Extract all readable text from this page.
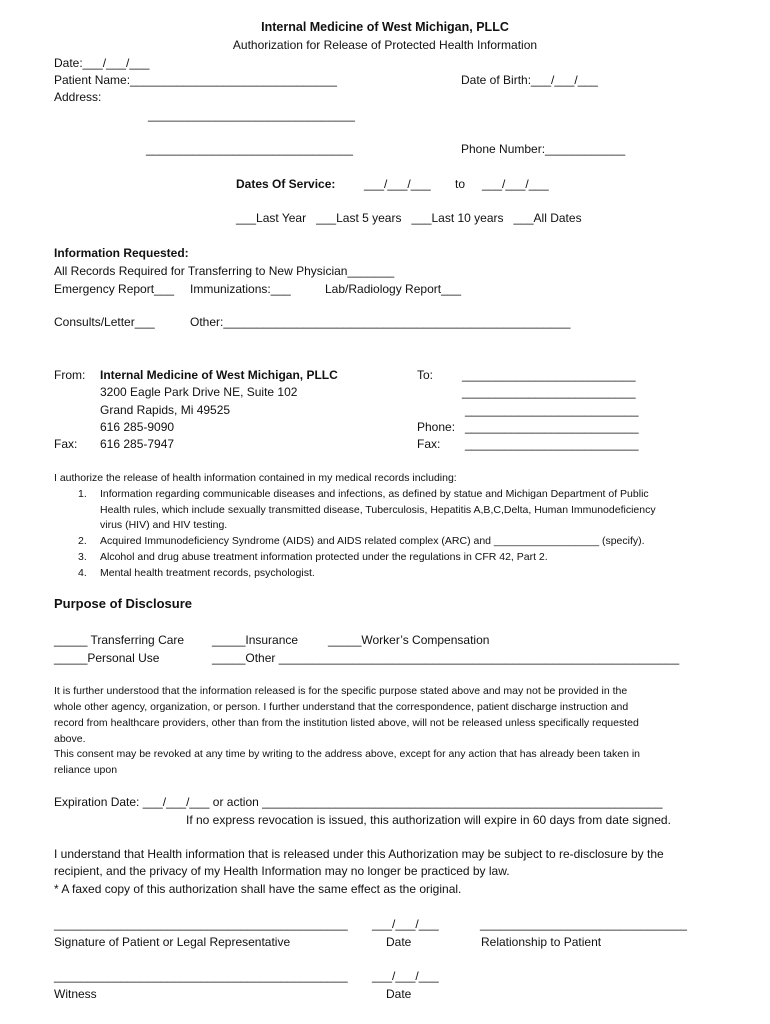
Internal Medicine of West Michigan, PLLC
Authorization for Release of Protected Health Information
Date:___/___/___
Patient Name:_______________________________	Date of Birth:___/___/___
Address:
_______________________________
_______________________________	Phone Number:____________
Dates Of Service: ___/___/___ to ___/___/___
___Last Year   ___Last 5 years   ___Last 10 years   ___All Dates
Information Requested:
All Records Required for Transferring to New Physician_______
Emergency Report___ Immunizations:___	Lab/Radiology Report___
Consults/Letter___	Other:____________________________________________________
From: Internal Medicine of West Michigan, PLLC
3200 Eagle Park Drive NE, Suite 102
Grand Rapids, Mi 49525
616 285-9090
Fax: 616 285-7947
To: __________________________
__________________________
__________________________
Phone: __________________________
Fax: __________________________
I authorize the release of health information contained in my medical records including:
1. Information regarding communicable diseases and infections, as defined by statue and Michigan Department of Public
Health rules, which include sexually transmitted disease, Tuberculosis, Hepatitis A,B,C,Delta, Human Immunodeficiency
virus (HIV) and HIV testing.
2. Acquired Immunodeficiency Syndrome (AIDS) and AIDS related complex (ARC) and __________________ (specify).
3. Alcohol and drug abuse treatment information protected under the regulations in CFR 42, Part 2.
4. Mental health treatment records, psychologist.
Purpose of Disclosure
_____ Transferring Care _____Insurance _____Worker’s Compensation
_____Personal Use	_____Other ____________________________________________________________
It is further understood that the information released is for the specific purpose stated above and may not be provided in the
whole other agency, organization, or person. I further understand that the correspondence, patient discharge instruction and
record from healthcare providers, other than from the institution listed above, will not be released unless specifically requested
above.
This consent may be revoked at any time by writing to the address above, except for any action that has already been taken in
reliance upon
Expiration Date: ___/___/___ or action ____________________________________________________________
If no express revocation is issued, this authorization will expire in 60 days from date signed.
I understand that Health information that is released under this Authorization may be subject to re-disclosure by the
recipient, and the privacy of my Health Information may no longer be practiced by law.
* A faxed copy of this authorization shall have the same effect as the original.
____________________________________________ ___/___/___	_______________________________
Signature of Patient or Legal Representative	Date	Relationship to Patient
____________________________________________ ___/___/___
Witness	Date
